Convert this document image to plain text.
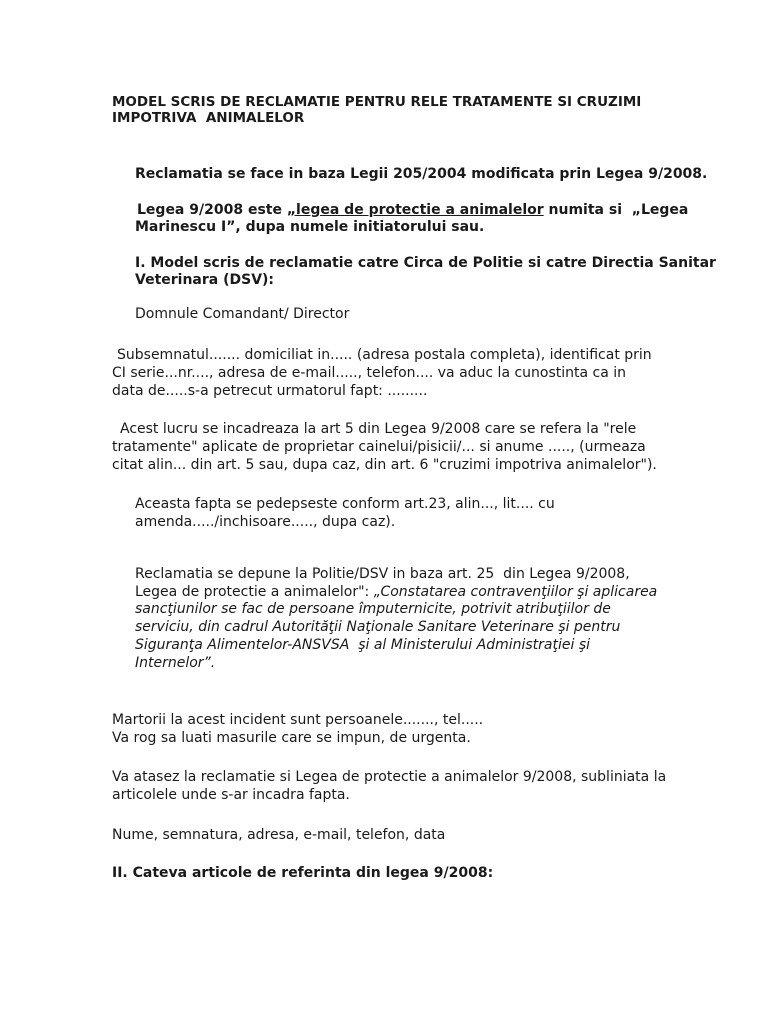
MODEL SCRIS DE RECLAMATIE PENTRU RELE TRATAMENTE SI CRUZIMI
IMPOTRIVA  ANIMALELOR
Reclamatia se face in baza Legii 205/2004 modificata prin Legea 9/2008.
Legea 9/2008 este „legea de protectie a animalelor numita si  „Legea
Marinescu I”, dupa numele initiatorului sau.
I. Model scris de reclamatie catre Circa de Politie si catre Directia Sanitar
Veterinara (DSV):
Domnule Comandant/ Director
Subsemnatul....... domiciliat in..... (adresa postala completa), identificat prin
CI serie...nr...., adresa de e-mail....., telefon.... va aduc la cunostinta ca in
data de.....s-a petrecut urmatorul fapt: .........
Acest lucru se incadreaza la art 5 din Legea 9/2008 care se refera la "rele
tratamente" aplicate de proprietar cainelui/pisicii/... si anume ....., (urmeaza
citat alin... din art. 5 sau, dupa caz, din art. 6 "cruzimi impotriva animalelor").
Aceasta fapta se pedepseste conform art.23, alin..., lit.... cu
amenda...../inchisoare....., dupa caz).
Reclamatia se depune la Politie/DSV in baza art. 25  din Legea 9/2008,
Legea de protectie a animalelor": „Constatarea contravenţiilor şi aplicarea
sancţiunilor se fac de persoane împuternicite, potrivit atribuţiilor de
serviciu, din cadrul Autorităţii Naţionale Sanitare Veterinare şi pentru
Siguranţa Alimentelor-ANSVSA  şi al Ministerului Administraţiei şi
Internelor”.
Martorii la acest incident sunt persoanele......., tel.....
Va rog sa luati masurile care se impun, de urgenta.
Va atasez la reclamatie si Legea de protectie a animalelor 9/2008, subliniata la
articolele unde s-ar incadra fapta.
Nume, semnatura, adresa, e-mail, telefon, data
II. Cateva articole de referinta din legea 9/2008:
